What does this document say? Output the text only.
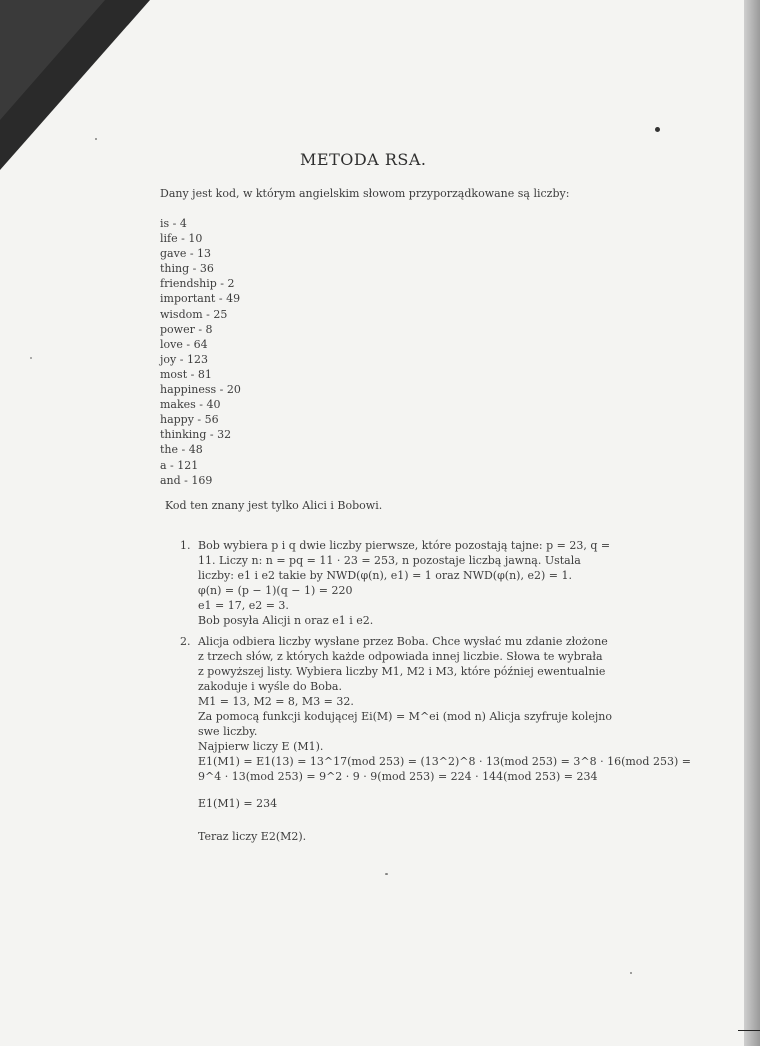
METODA RSA.
Dany jest kod, w którym angielskim słowom przyporządkowane są liczby:
is - 4
life - 10
gave - 13
thing - 36
friendship - 2
important - 49
wisdom - 25
power - 8
love - 64
joy - 123
most - 81
happiness - 20
makes - 40
happy - 56
thinking - 32
the - 48
a - 121
and - 169
Kod ten znany jest tylko Alici i Bobowi.
1. Bob wybiera p i q dwie liczby pierwsze, które pozostają tajne: p = 23, q =

11. Liczy n: n = pq = 11 · 23 = 253, n pozostaje liczbą jawną. Ustala

liczby: e1 i e2 takie by NWD(φ(n), e1) = 1 oraz NWD(φ(n), e2) = 1.

φ(n) = (p − 1)(q − 1) = 220

e1 = 17, e2 = 3.

Bob posyła Alicji n oraz e1 i e2.

2. Alicja odbiera liczby wysłane przez Boba. Chce wysłać mu zdanie złożone

z trzech słów, z których każde odpowiada innej liczbie. Słowa te wybrała

z powyższej listy. Wybiera liczby M1, M2 i M3, które później ewentualnie

zakoduje i wyśle do Boba.

M1 = 13, M2 = 8, M3 = 32.

Za pomocą funkcji kodującej Ei(M) = M^ei (mod n) Alicja szyfruje kolejno

swe liczby.

Najpierw liczy E (M1).

E1(M1) = E1(13) = 13^17(mod 253) = (13^2)^8 · 13(mod 253) = 3^8 · 16(mod 253) =

9^4 · 13(mod 253) = 9^2 · 9 · 9(mod 253) = 224 · 144(mod 253) = 234

E1(M1) = 234

Teraz liczy E2(M2).
